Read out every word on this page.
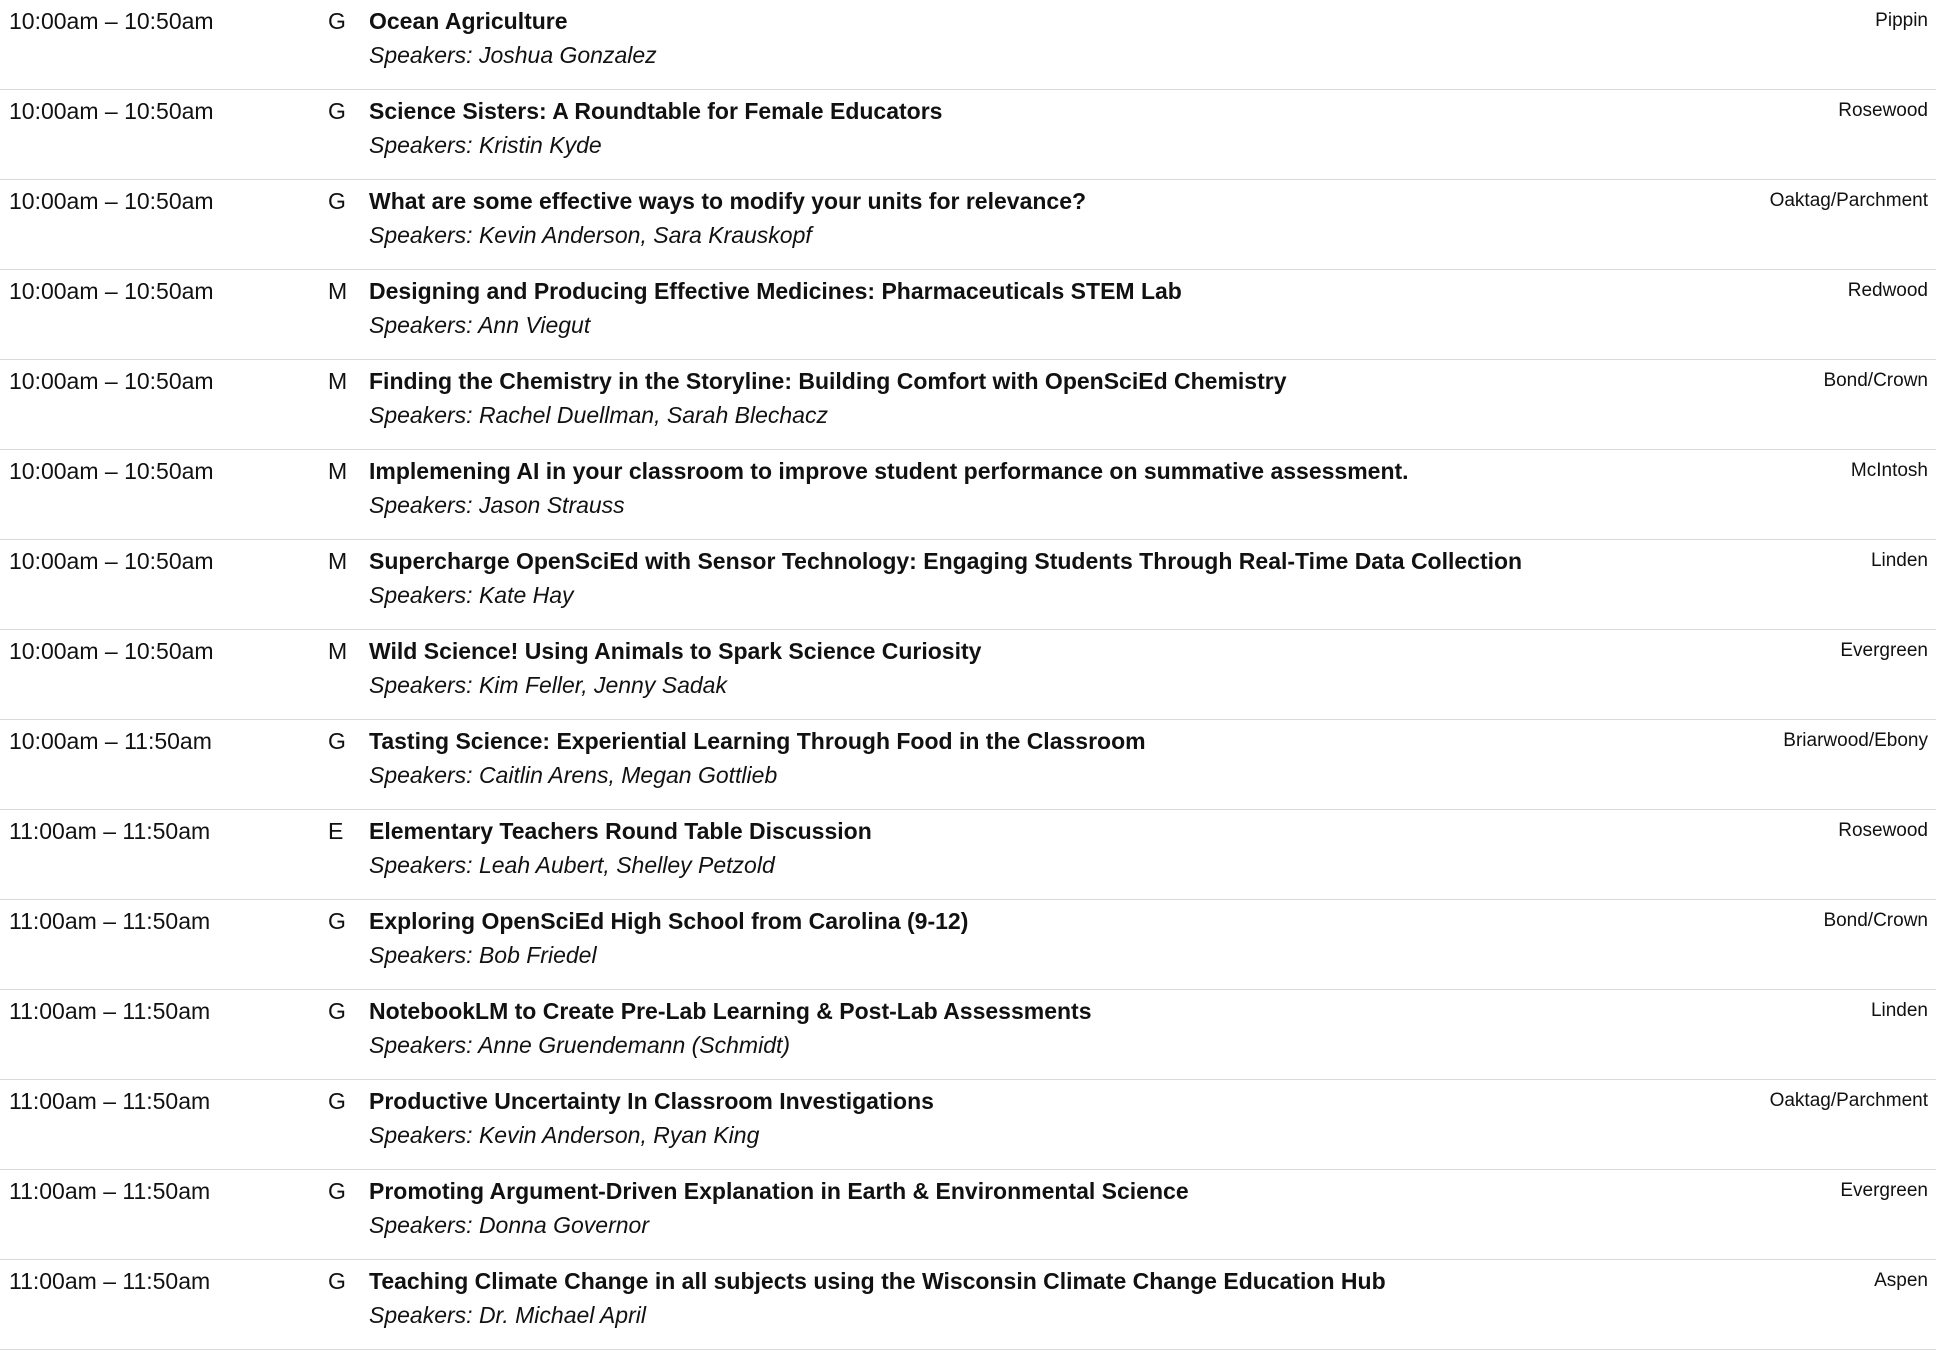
10:00am – 10:50am	G Ocean Agriculture
Speakers: Joshua Gonzalez
Pippin
10:00am – 10:50am	G Science Sisters: A Roundtable for Female Educators
Speakers: Kristin Kyde
Rosewood
10:00am – 10:50am	G What are some effective ways to modify your units for relevance?
Speakers: Kevin Anderson, Sara Krauskopf
Oaktag/Parchment
10:00am – 10:50am	M Designing and Producing Effective Medicines: Pharmaceuticals STEM Lab
Speakers: Ann Viegut
Redwood
10:00am – 10:50am	M Finding the Chemistry in the Storyline: Building Comfort with OpenSciEd Chemistry
Speakers: Rachel Duellman, Sarah Blechacz
Bond/Crown
10:00am – 10:50am	M Implemening AI in your classroom to improve student performance on summative assessment.
Speakers: Jason Strauss
McIntosh
10:00am – 10:50am	M Supercharge OpenSciEd with Sensor Technology: Engaging Students Through Real-Time Data Collection
Speakers: Kate Hay
Linden
10:00am – 10:50am	M Wild Science! Using Animals to Spark Science Curiosity
Speakers: Kim Feller, Jenny Sadak
Evergreen
10:00am – 11:50am	G Tasting Science: Experiential Learning Through Food in the Classroom
Speakers: Caitlin Arens, Megan Gottlieb
Briarwood/Ebony
11:00am – 11:50am	E Elementary Teachers Round Table Discussion
Speakers: Leah Aubert, Shelley Petzold
Rosewood
11:00am – 11:50am	G Exploring OpenSciEd High School from Carolina (9-12)
Speakers: Bob Friedel
Bond/Crown
11:00am – 11:50am	G NotebookLM to Create Pre-Lab Learning & Post-Lab Assessments
Speakers: Anne Gruendemann (Schmidt)
Linden
11:00am – 11:50am	G Productive Uncertainty In Classroom Investigations
Speakers: Kevin Anderson, Ryan King
Oaktag/Parchment
11:00am – 11:50am	G Promoting Argument-Driven Explanation in Earth & Environmental Science
Speakers: Donna Governor
Evergreen
11:00am – 11:50am	G Teaching Climate Change in all subjects using the Wisconsin Climate Change Education Hub
Speakers: Dr. Michael April
Aspen
